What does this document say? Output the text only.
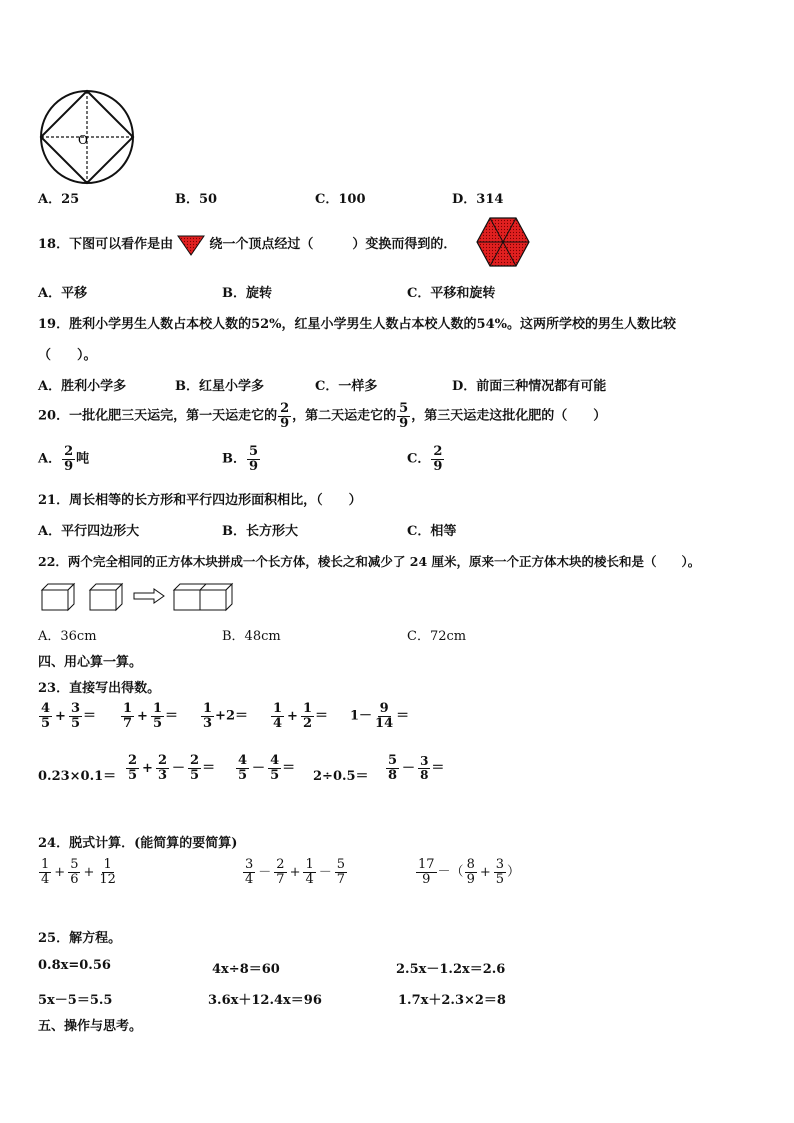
O
A．25	B．50	C．100	D．314
18．下图可以看作是由	绕一个顶点经过（　　　）变换而得到的．
A．平移	B．旋转	C．平移和旋转
19．胜利小学男生人数占本校人数的52%，红星小学男生人数占本校人数的54%。这两所学校的男生人数比较
（　　）。
A．胜利小学多	B．红星小学多	C．一样多	D．前面三种情况都有可能
20．一批化肥三天运完，第一天运走它的 $\frac{2}{9}$ ，第二天运走它的 $\frac{5}{9}$ ，第三天运走这批化肥的（　　）
A． $\frac{2}{9}$ 吨	B． $\frac{5}{9}$	C． $\frac{2}{9}$
21．周长相等的长方形和平行四边形面积相比，（　　）
A．平行四边形大	B．长方形大	C．相等
22．两个完全相同的正方体木块拼成一个长方体，棱长之和减少了 24 厘米，原来一个正方体木块的棱长和是（　　）。
A．36cm	B．48cm	C．72cm
四、用心算一算。
23．直接写出得数。
$\frac{4}{5} + \frac{3}{5} = \frac{1}{7} + \frac{1}{5} = \frac{1}{3} +2= \frac{1}{4} + \frac{1}{2} = 1- \frac{9}{14}$ ＝
$0.23\times 0.1= \frac{2}{5} + \frac{2}{3} - \frac{2}{5} = \frac{4}{5} - \frac{4}{5}$ ＝
$2\div 0.5= \frac{5}{8} - \frac{3}{8}$ ＝
24．脱式计算．(能简算的要简算)
$\frac{1}{4} + \frac{5}{6} + \frac{1}{12}$	$\frac{3}{4} - \frac{2}{7} + \frac{1}{4} - \frac{5}{7}$	$\frac{17}{9}$ －（ $\frac{8}{9} + \frac{3}{5}$ ）
25．解方程。
0.8x=0.56	4x÷8＝60	2.5x－1.2x＝2.6
5x－5＝5.5	3.6x＋12.4x＝96	1.7x＋2.3×2＝8
五、操作与思考。
